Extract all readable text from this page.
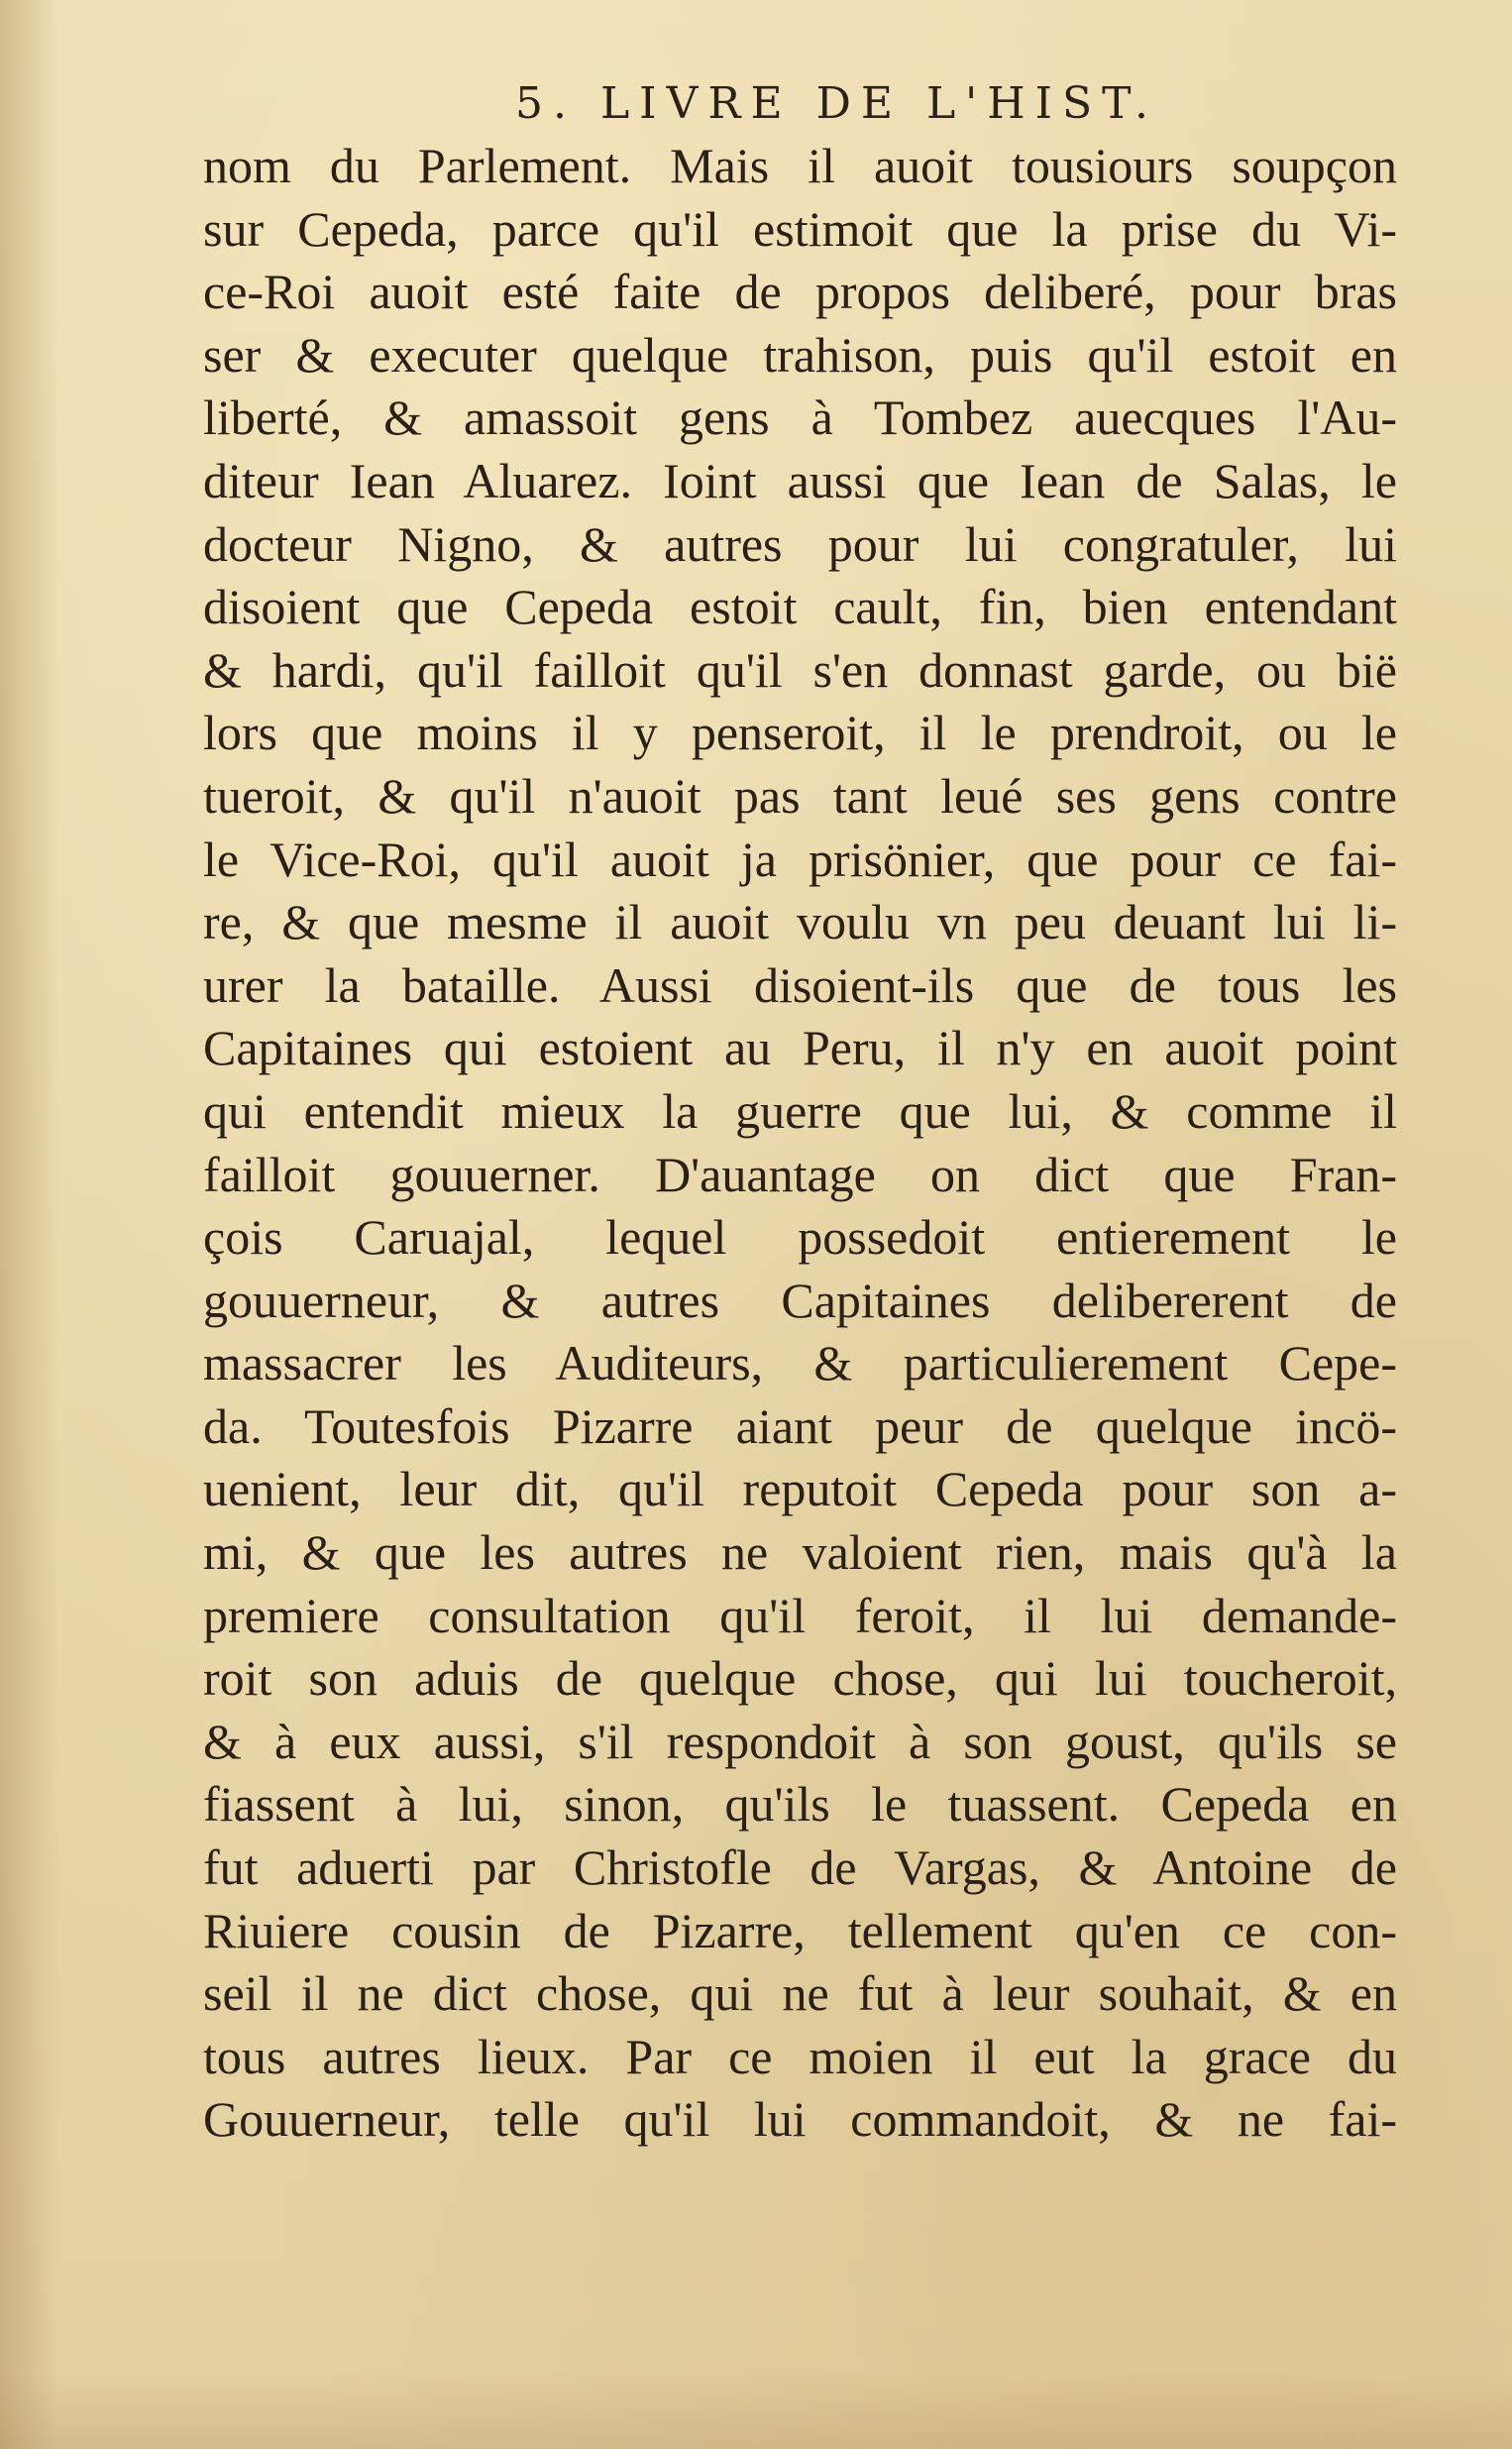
5. LIVRE DE L'HIST.
nom du Parlement. Mais il auoit tousiours soupçon
sur Cepeda, parce qu'il estimoit que la prise du Vi-
ce-Roi auoit esté faite de propos deliberé, pour bras
ser & executer quelque trahison, puis qu'il estoit en
liberté, & amassoit gens à Tombez auecques l'Au-
diteur Iean Aluarez. Ioint aussi que Iean de Salas, le
docteur Nigno, & autres pour lui congratuler, lui
disoient que Cepeda estoit cault, fin, bien entendant
& hardi, qu'il failloit qu'il s'en donnast garde, ou bië
lors que moins il y penseroit, il le prendroit, ou le
tueroit, & qu'il n'auoit pas tant leué ses gens contre
le Vice-Roi, qu'il auoit ja prisönier, que pour ce fai-
re, & que mesme il auoit voulu vn peu deuant lui li-
urer la bataille. Aussi disoient-ils que de tous les
Capitaines qui estoient au Peru, il n'y en auoit point
qui entendit mieux la guerre que lui, & comme il
failloit gouuerner. D'auantage on dict que Fran-
çois Caruajal, lequel possedoit entierement le
gouuerneur, & autres Capitaines delibererent de
massacrer les Auditeurs, & particulierement Cepe-
da. Toutesfois Pizarre aiant peur de quelque incö-
uenient, leur dit, qu'il reputoit Cepeda pour son a-
mi, & que les autres ne valoient rien, mais qu'à la
premiere consultation qu'il feroit, il lui demande-
roit son aduis de quelque chose, qui lui toucheroit,
& à eux aussi, s'il respondoit à son goust, qu'ils se
fiassent à lui, sinon, qu'ils le tuassent. Cepeda en
fut aduerti par Christofle de Vargas, & Antoine de
Riuiere cousin de Pizarre, tellement qu'en ce con-
seil il ne dict chose, qui ne fut à leur souhait, & en
tous autres lieux. Par ce moien il eut la grace du
Gouuerneur, telle qu'il lui commandoit, & ne fai-
